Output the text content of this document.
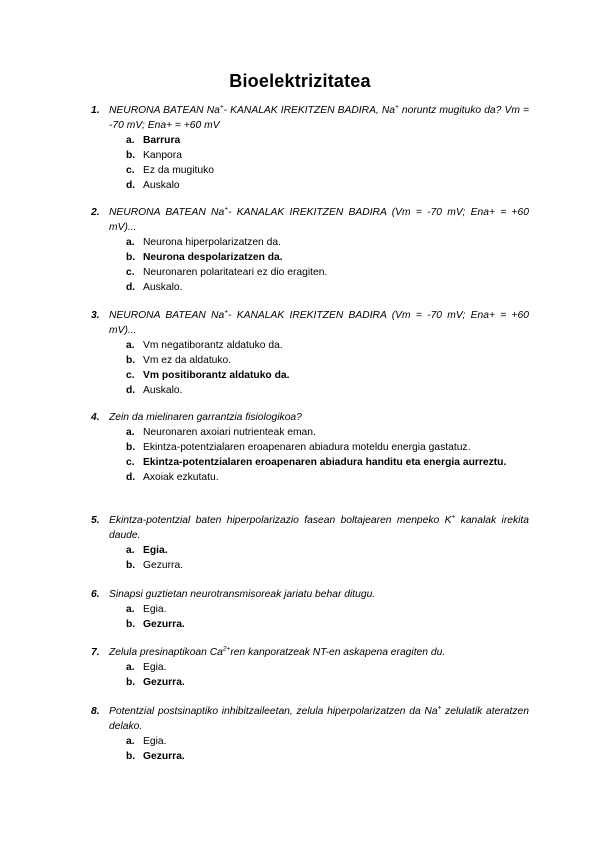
Bioelektrizitatea
1. NEURONA BATEAN Na+- KANALAK IREKITZEN BADIRA, Na+ noruntz mugituko da? Vm = -70 mV; Ena+ = +60 mV
a. Barrura
b. Kanpora
c. Ez da mugituko
d. Auskalo
2. NEURONA BATEAN Na+- KANALAK IREKITZEN BADIRA (Vm = -70 mV; Ena+ = +60 mV)...
a. Neurona hiperpolarizatzen da.
b. Neurona despolarizatzen da.
c. Neuronaren polaritateari ez dio eragiten.
d. Auskalo.
3. NEURONA BATEAN Na+- KANALAK IREKITZEN BADIRA (Vm = -70 mV; Ena+ = +60 mV)...
a. Vm negatiborantz aldatuko da.
b. Vm ez da aldatuko.
c. Vm positiborantz aldatuko da.
d. Auskalo.
4. Zein da mielinaren garrantzia fisiologikoa?
a. Neuronaren axoiari nutrienteak eman.
b. Ekintza-potentzialaren eroapenaren abiadura moteldu energia gastatuz.
c. Ekintza-potentzialaren eroapenaren abiadura handitu eta energia aurreztu.
d. Axoiak ezkutatu.
5. Ekintza-potentzial baten hiperpolarizazio fasean boltajearen menpeko K+ kanalak irekita daude.
a. Egia.
b. Gezurra.
6. Sinapsi guztietan neurotransmisoreak jariatu behar ditugu.
a. Egia.
b. Gezurra.
7. Zelula presinaptikoan $Ca^{2+}ren$ kanporatzeak NT-en askapena eragiten du.
a. Egia.
b. Gezurra.
8. Potentzial postsinaptiko inhibitzaileetan, zelula hiperpolarizatzen da Na+ zelulatik ateratzen delako.
a. Egia.
b. Gezurra.
